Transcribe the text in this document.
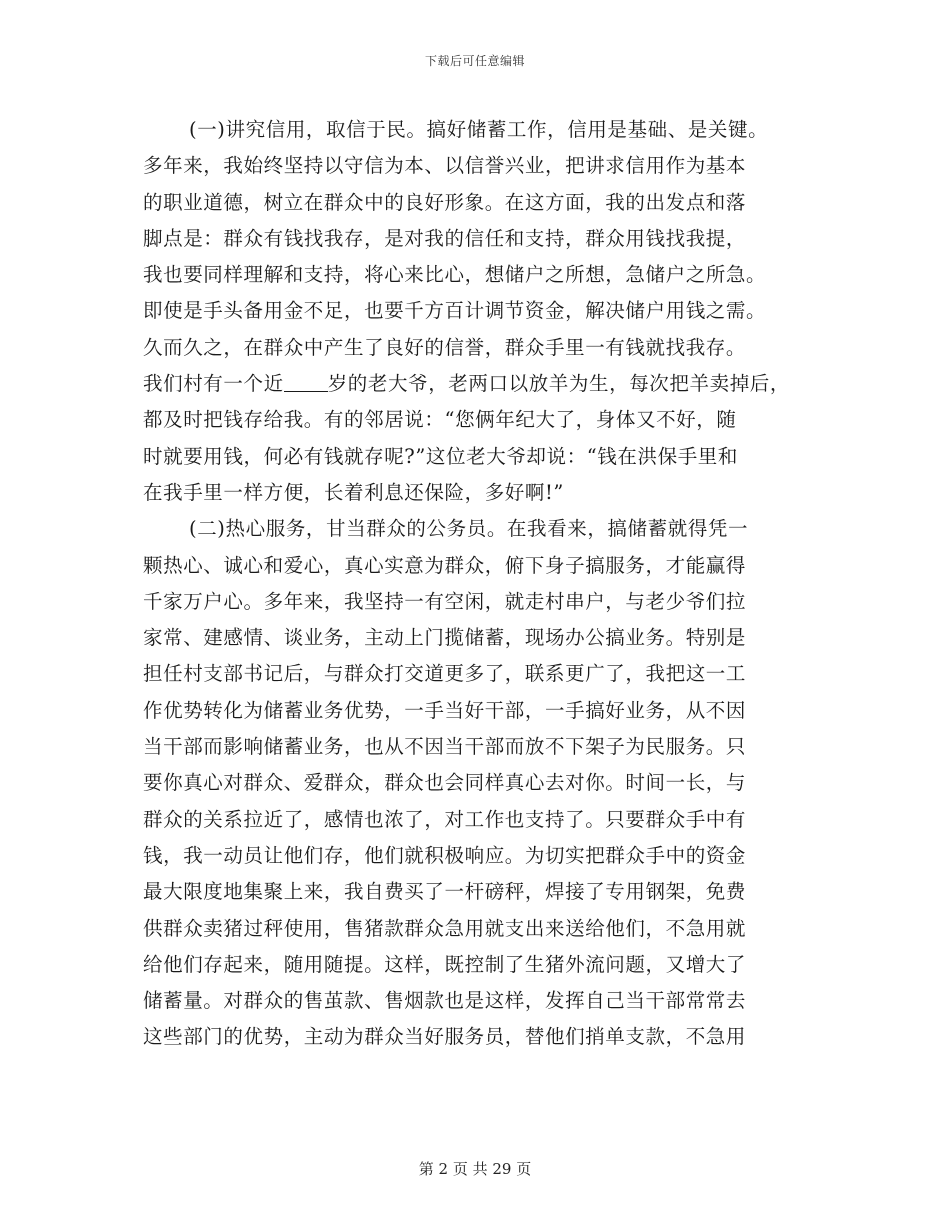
下载后可任意编辑
(一)讲究信用，取信于民。搞好储蓄工作，信用是基础、是关键。
多年来，我始终坚持以守信为本、以信誉兴业，把讲求信用作为基本
的职业道德，树立在群众中的良好形象。在这方面，我的出发点和落
脚点是：群众有钱找我存，是对我的信任和支持，群众用钱找我提，
我也要同样理解和支持，将心来比心，想储户之所想，急储户之所急。
即使是手头备用金不足，也要千方百计调节资金，解决储户用钱之需。
久而久之，在群众中产生了良好的信誉，群众手里一有钱就找我存。
我们村有一个近 岁的老大爷，老两口以放羊为生，每次把羊卖掉后，
都及时把钱存给我。有的邻居说：“您俩年纪大了，身体又不好，随
时就要用钱，何必有钱就存呢?”这位老大爷却说：“钱在洪保手里和
在我手里一样方便，长着利息还保险，多好啊!”
(二)热心服务，甘当群众的公务员。在我看来，搞储蓄就得凭一
颗热心、诚心和爱心，真心实意为群众，俯下身子搞服务，才能赢得
千家万户心。多年来，我坚持一有空闲，就走村串户，与老少爷们拉
家常、建感情、谈业务，主动上门揽储蓄，现场办公搞业务。特别是
担任村支部书记后，与群众打交道更多了，联系更广了，我把这一工
作优势转化为储蓄业务优势，一手当好干部，一手搞好业务，从不因
当干部而影响储蓄业务，也从不因当干部而放不下架子为民服务。只
要你真心对群众、爱群众，群众也会同样真心去对你。时间一长，与
群众的关系拉近了，感情也浓了，对工作也支持了。只要群众手中有
钱，我一动员让他们存，他们就积极响应。为切实把群众手中的资金
最大限度地集聚上来，我自费买了一杆磅秤，焊接了专用钢架，免费
供群众卖猪过秤使用，售猪款群众急用就支出来送给他们，不急用就
给他们存起来，随用随提。这样，既控制了生猪外流问题，又增大了
储蓄量。对群众的售茧款、售烟款也是这样，发挥自己当干部常常去
这些部门的优势，主动为群众当好服务员，替他们捎单支款，不急用
第 2 页 共 29 页
